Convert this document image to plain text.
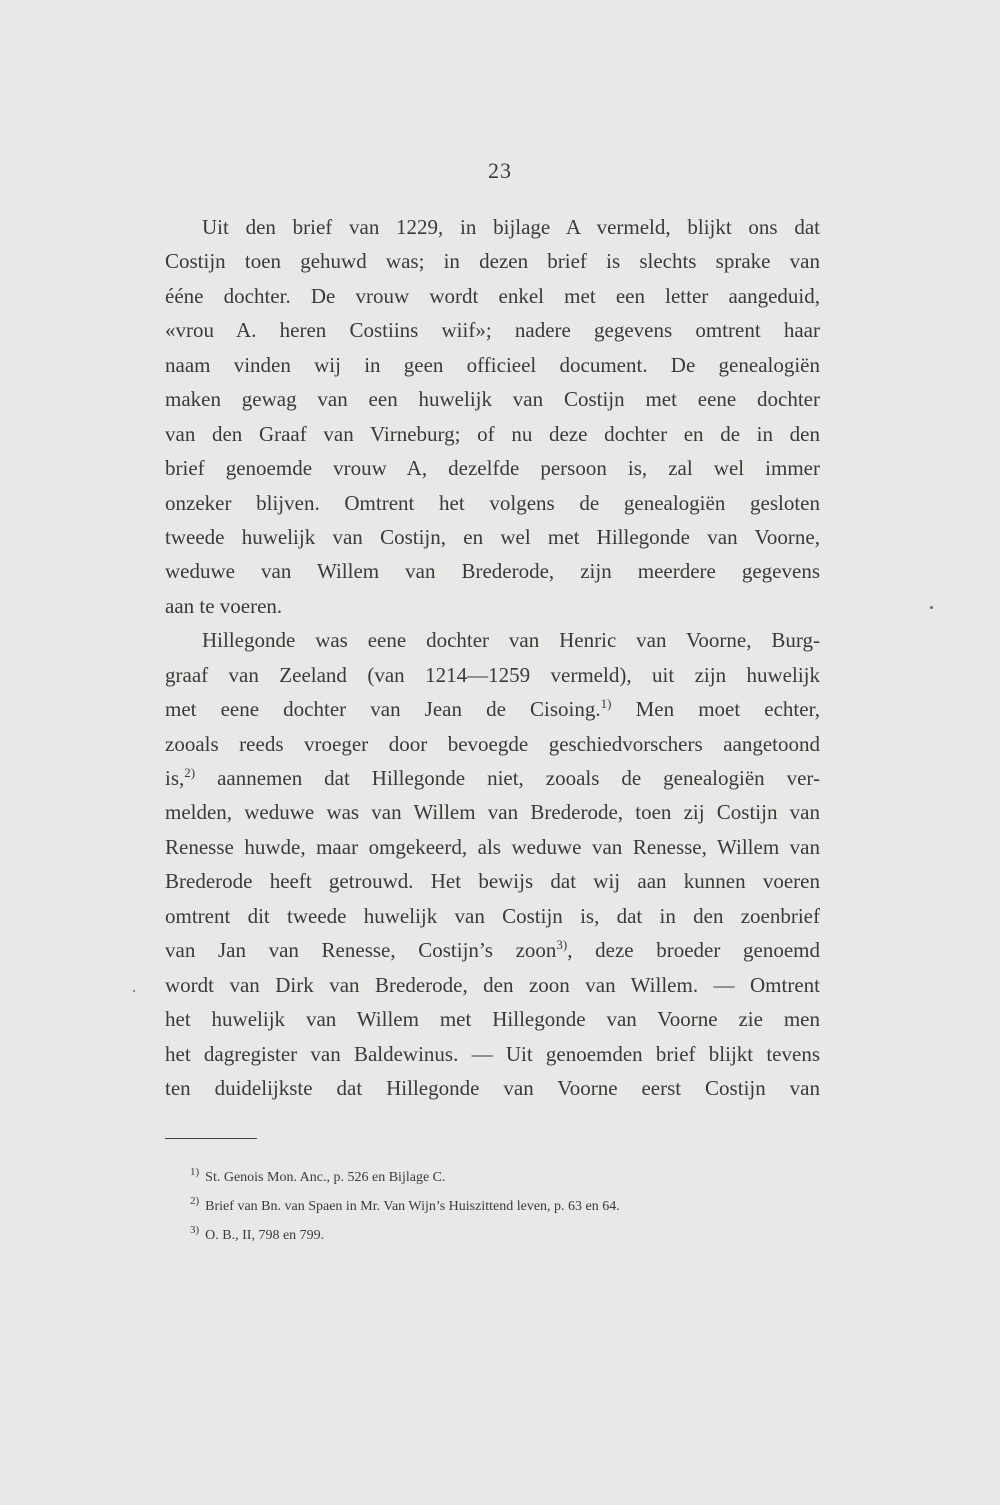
23
Uit den brief van 1229, in bijlage A vermeld, blijkt ons dat
Costijn toen gehuwd was; in dezen brief is slechts sprake van
ééne dochter. De vrouw wordt enkel met een letter aangeduid,
«vrou A. heren Costiins wiif»; nadere gegevens omtrent haar
naam vinden wij in geen officieel document. De genealogiën
maken gewag van een huwelijk van Costijn met eene dochter
van den Graaf van Virneburg; of nu deze dochter en de in den
brief genoemde vrouw A, dezelfde persoon is, zal wel immer
onzeker blijven. Omtrent het volgens de genealogiën gesloten
tweede huwelijk van Costijn, en wel met Hillegonde van Voorne,
weduwe van Willem van Brederode, zijn meerdere gegevens
aan te voeren.
Hillegonde was eene dochter van Henric van Voorne, Burg-
graaf van Zeeland (van 1214—1259 vermeld), uit zijn huwelijk
met eene dochter van Jean de Cisoing.$^{1)}$ Men moet echter,
zooals reeds vroeger door bevoegde geschiedvorschers aangetoond
is,$^{2)}$ aannemen dat Hillegonde niet, zooals de genealogiën ver-
melden, weduwe was van Willem van Brederode, toen zij Costijn van
Renesse huwde, maar omgekeerd, als weduwe van Renesse, Willem van
Brederode heeft getrouwd. Het bewijs dat wij aan kunnen voeren
omtrent dit tweede huwelijk van Costijn is, dat in den zoenbrief
van Jan van Renesse, Costijn’s zoon$^{3)}$, deze broeder genoemd
wordt van Dirk van Brederode, den zoon van Willem. — Omtrent
het huwelijk van Willem met Hillegonde van Voorne zie men
het dagregister van Baldewinus. — Uit genoemden brief blijkt tevens
ten duidelijkste dat Hillegonde van Voorne eerst Costijn van
$^{1)}$ St. Genois Mon. Anc., p. 526 en Bijlage C.
$^{2)}$ Brief van Bn. van Spaen in Mr. Van Wijn’s Huiszittend leven, p. 63 en 64.
$^{3)}$ O. B., II, 798 en 799.
